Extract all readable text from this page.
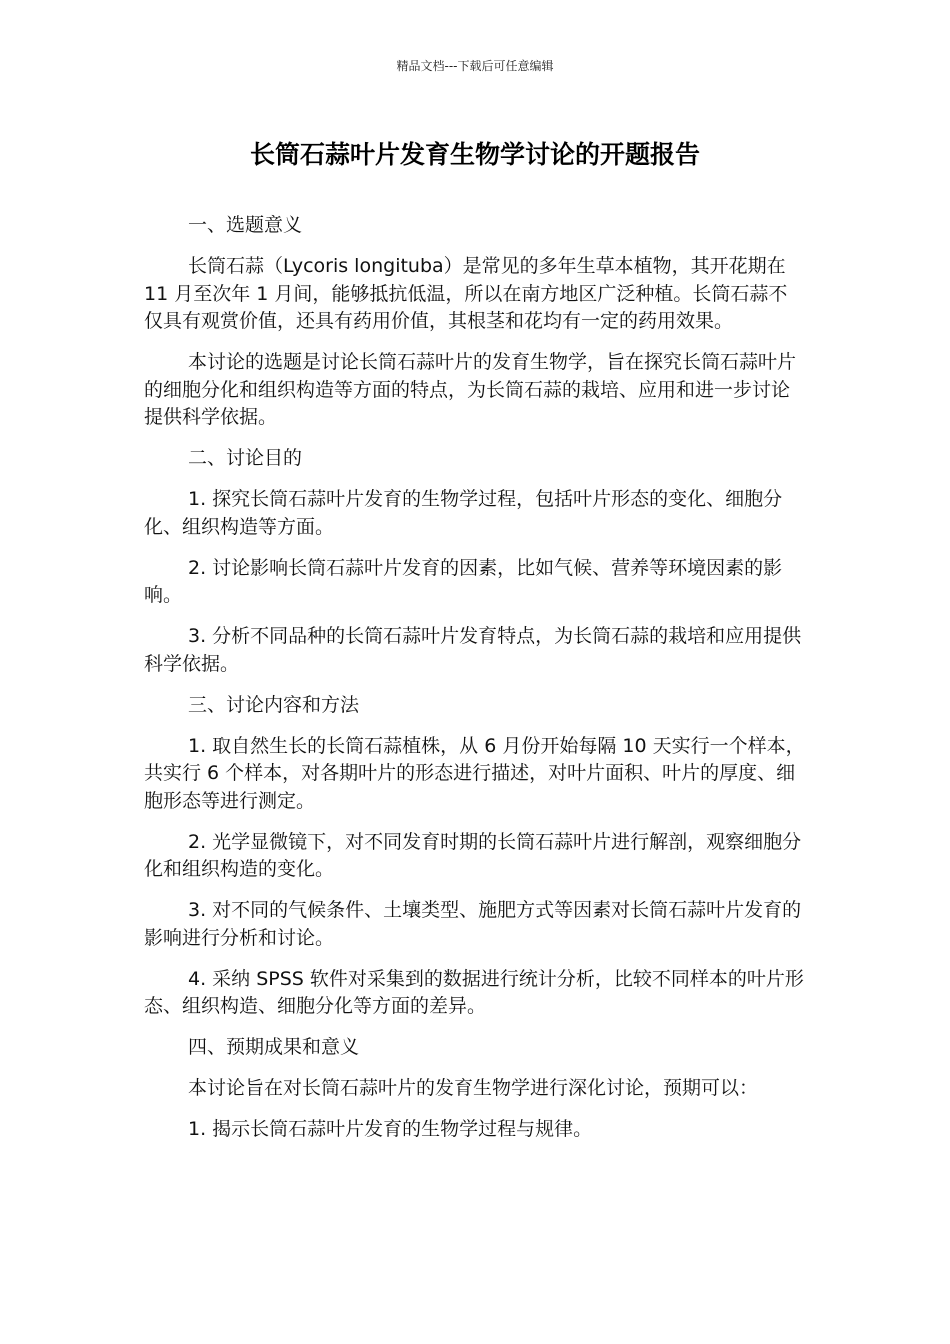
精品文档---下载后可任意编辑
长筒石蒜叶片发育生物学讨论的开题报告

一、选题意义

长筒石蒜（Lycoris longituba）是常见的多年生草本植物，其开花期在 11 月至次年 1 月间，能够抵抗低温，所以在南方地区广泛种植。长筒石蒜不仅具有观赏价值，还具有药用价值，其根茎和花均有一定的药用效果。

本讨论的选题是讨论长筒石蒜叶片的发育生物学，旨在探究长筒石蒜叶片的细胞分化和组织构造等方面的特点，为长筒石蒜的栽培、应用和进一步讨论提供科学依据。

二、讨论目的

1. 探究长筒石蒜叶片发育的生物学过程，包括叶片形态的变化、细胞分化、组织构造等方面。

2. 讨论影响长筒石蒜叶片发育的因素，比如气候、营养等环境因素的影响。

3. 分析不同品种的长筒石蒜叶片发育特点，为长筒石蒜的栽培和应用提供科学依据。

三、讨论内容和方法

1. 取自然生长的长筒石蒜植株，从 6 月份开始每隔 10 天实行一个样本，共实行 6 个样本，对各期叶片的形态进行描述，对叶片面积、叶片的厚度、细胞形态等进行测定。

2. 光学显微镜下，对不同发育时期的长筒石蒜叶片进行解剖，观察细胞分化和组织构造的变化。

3. 对不同的气候条件、土壤类型、施肥方式等因素对长筒石蒜叶片发育的影响进行分析和讨论。

4. 采纳 SPSS 软件对采集到的数据进行统计分析，比较不同样本的叶片形态、组织构造、细胞分化等方面的差异。

四、预期成果和意义

本讨论旨在对长筒石蒜叶片的发育生物学进行深化讨论，预期可以：

1. 揭示长筒石蒜叶片发育的生物学过程与规律。
